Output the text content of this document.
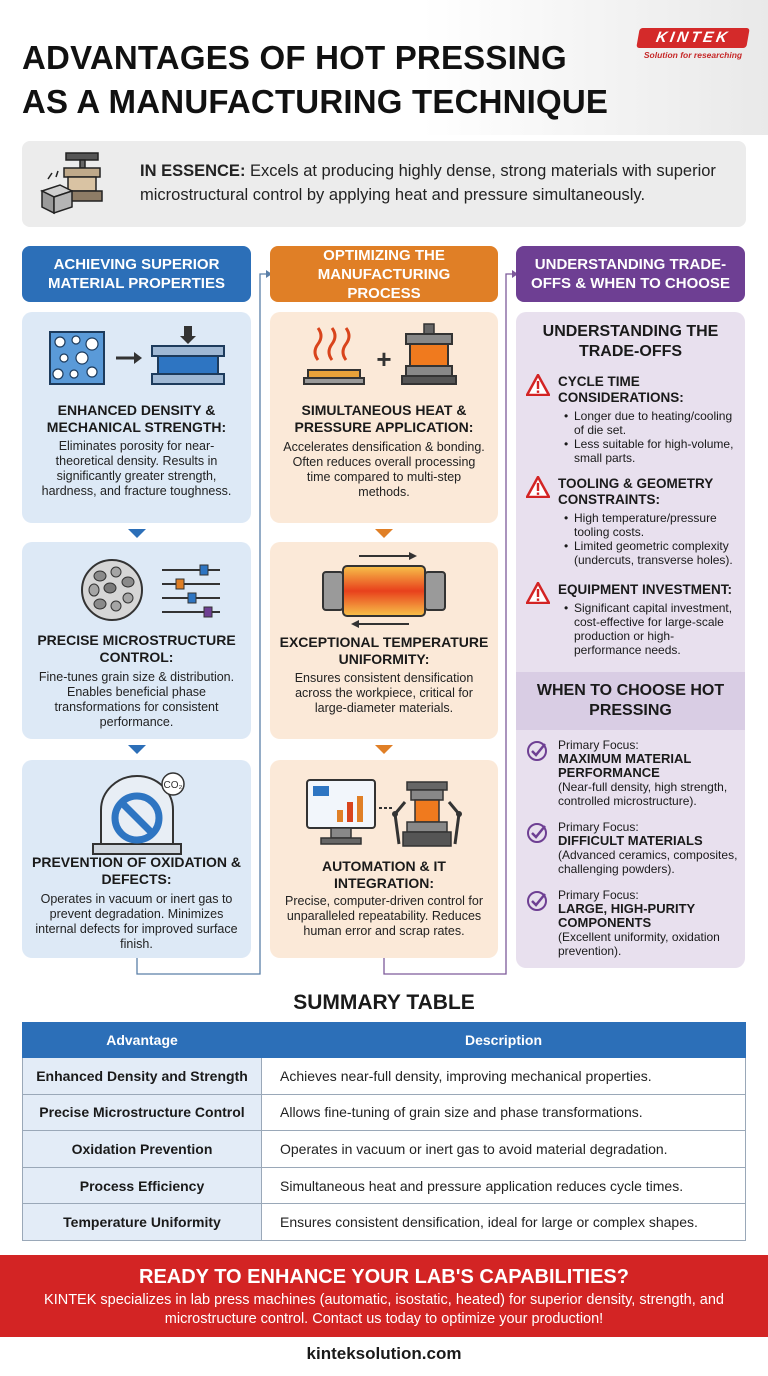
ADVANTAGES OF HOT PRESSING
AS A MANUFACTURING TECHNIQUE
KINTEK
Solution for researching
IN ESSENCE: Excels at producing highly dense, strong materials with superior microstructural control by applying heat and pressure simultaneously.
ACHIEVING SUPERIOR MATERIAL PROPERTIES
OPTIMIZING THE MANUFACTURING PROCESS
UNDERSTANDING TRADE-OFFS & WHEN TO CHOOSE
ENHANCED DENSITY & MECHANICAL STRENGTH:
Eliminates porosity for near-theoretical density. Results in significantly greater strength, hardness, and fracture toughness.
PRECISE MICROSTRUCTURE CONTROL:
Fine-tunes grain size & distribution. Enables beneficial phase transformations for consistent performance.
CO₂
PREVENTION OF OXIDATION & DEFECTS:
Operates in vacuum or inert gas to prevent degradation. Minimizes internal defects for improved surface finish.
+
SIMULTANEOUS HEAT & PRESSURE APPLICATION:
Accelerates densification & bonding. Often reduces overall processing time compared to multi-step methods.
EXCEPTIONAL TEMPERATURE UNIFORMITY:
Ensures consistent densification across the workpiece, critical for large-diameter materials.
AUTOMATION & IT INTEGRATION:
Precise, computer-driven control for unparalleled repeatability. Reduces human error and scrap rates.
UNDERSTANDING THE TRADE-OFFS
CYCLE TIME CONSIDERATIONS:
• Longer due to heating/cooling of die set.
• Less suitable for high-volume, small parts.
TOOLING & GEOMETRY CONSTRAINTS:
• High temperature/pressure tooling costs.
• Limited geometric complexity (undercuts, transverse holes).
EQUIPMENT INVESTMENT:
• Significant capital investment, cost-effective for large-scale production or high-performance needs.
WHEN TO CHOOSE HOT PRESSING
Primary Focus:
MAXIMUM MATERIAL PERFORMANCE
(Near-full density, high strength, controlled microstructure).
Primary Focus:
DIFFICULT MATERIALS
(Advanced ceramics, composites, challenging powders).
Primary Focus:
LARGE, HIGH-PURITY COMPONENTS
(Excellent uniformity, oxidation prevention).
SUMMARY TABLE
Advantage	Description
Enhanced Density and Strength	Achieves near-full density, improving mechanical properties.
Precise Microstructure Control	Allows fine-tuning of grain size and phase transformations.
Oxidation Prevention	Operates in vacuum or inert gas to avoid material degradation.
Process Efficiency	Simultaneous heat and pressure application reduces cycle times.
Temperature Uniformity	Ensures consistent densification, ideal for large or complex shapes.
READY TO ENHANCE YOUR LAB'S CAPABILITIES?
KINTEK specializes in lab press machines (automatic, isostatic, heated) for superior density, strength, and microstructure control. Contact us today to optimize your production!
kinteksolution.com
